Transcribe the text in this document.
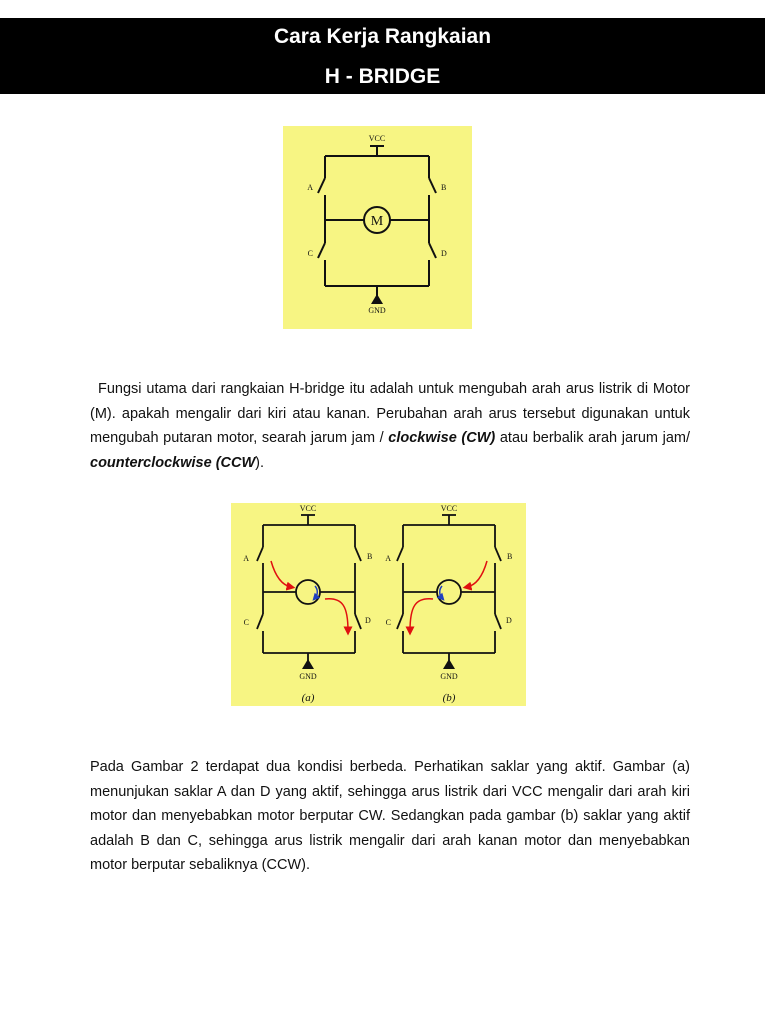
Cara Kerja Rangkaian
H - BRIDGE
VCC
GND
M
A	B
C	D

Fungsi utama dari rangkaian H-bridge itu adalah untuk mengubah arah arus listrik di Motor (M). apakah mengalir dari kiri atau kanan. Perubahan arah arus tersebut digunakan untuk mengubah putaran motor, searah jarum jam / clockwise (CW) atau berbalik arah jarum jam/ counterclockwise (CCW).

VCC
GND
A	B
C	D
(a)
VCC
GND
A	B
C	D
(b)

Pada Gambar 2 terdapat dua kondisi berbeda. Perhatikan saklar yang aktif. Gambar (a) menunjukan saklar A dan D yang aktif, sehingga arus listrik dari VCC mengalir dari arah kiri motor dan menyebabkan motor berputar CW. Sedangkan pada gambar (b) saklar yang aktif adalah B dan C, sehingga arus listrik mengalir dari arah kanan motor dan menyebabkan motor berputar sebaliknya (CCW).
